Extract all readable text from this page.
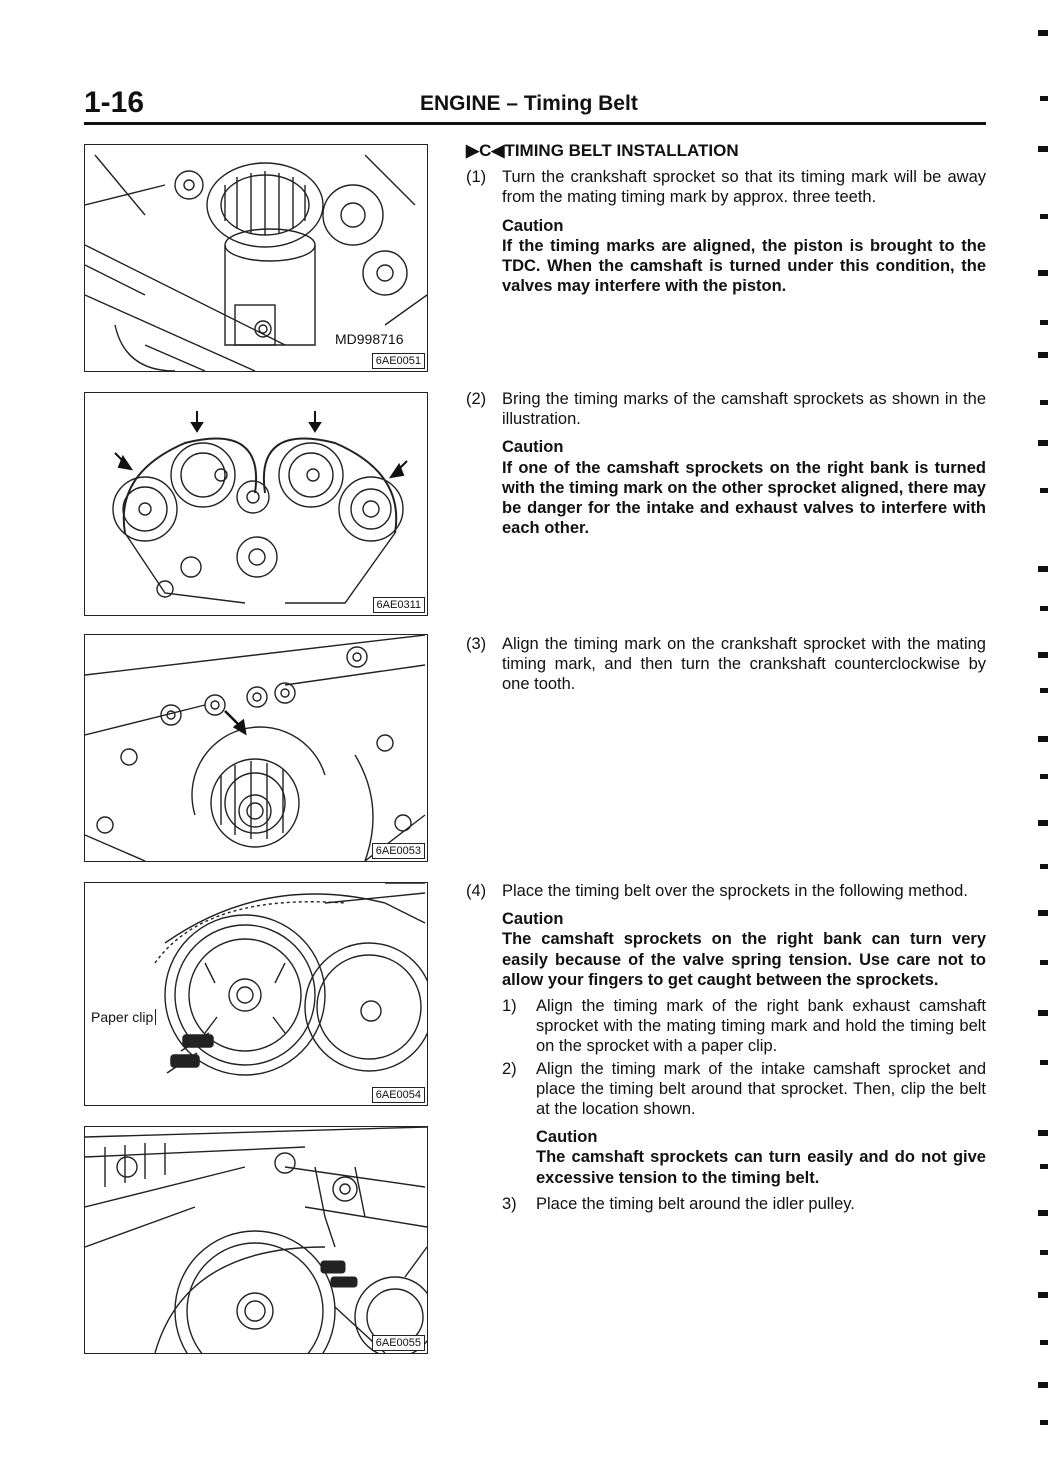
1-16	ENGINE – Timing Belt
MD998716
6AE0051
6AE0311
6AE0053
Paper clip
6AE0054
6AE0055
▶C◀TIMING BELT INSTALLATION
(1) Turn the crankshaft sprocket so that its timing mark will be away from the mating timing mark by approx. three teeth.
Caution
If the timing marks are aligned, the piston is brought to the TDC. When the camshaft is turned under this condition, the valves may interfere with the piston.
(2) Bring the timing marks of the camshaft sprockets as shown in the illustration.
Caution
If one of the camshaft sprockets on the right bank is turned with the timing mark on the other sprocket aligned, there may be danger for the intake and exhaust valves to interfere with each other.
(3) Align the timing mark on the crankshaft sprocket with the mating timing mark, and then turn the crankshaft counterclockwise by one tooth.
(4) Place the timing belt over the sprockets in the following method.
Caution
The camshaft sprockets on the right bank can turn very easily because of the valve spring tension. Use care not to allow your fingers to get caught between the sprockets.
1) Align the timing mark of the right bank exhaust camshaft sprocket with the mating timing mark and hold the timing belt on the sprocket with a paper clip.
2) Align the timing mark of the intake camshaft sprocket and place the timing belt around that sprocket. Then, clip the belt at the location shown.
Caution
The camshaft sprockets can turn easily and do not give excessive tension to the timing belt.
3) Place the timing belt around the idler pulley.
